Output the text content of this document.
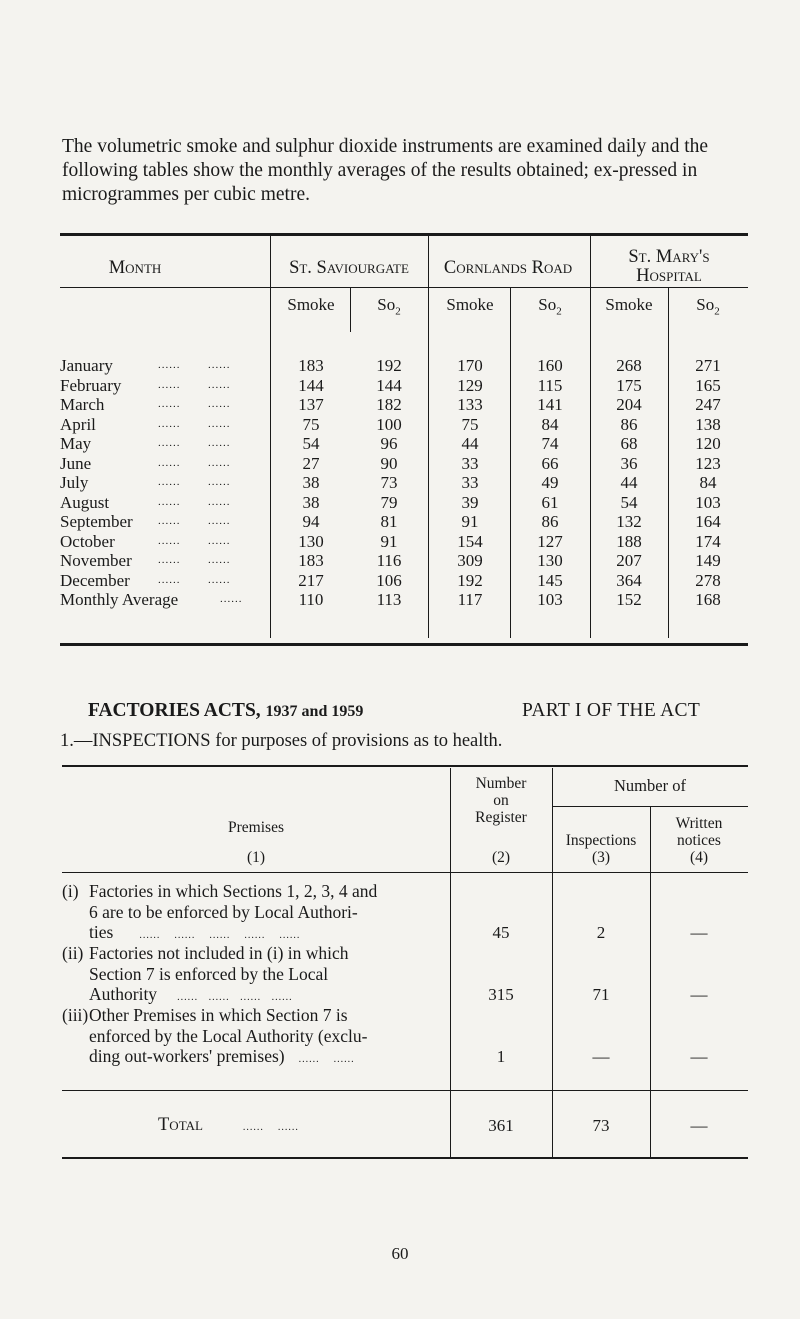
The volumetric smoke and sulphur dioxide instruments are examined daily and the following tables show the monthly averages of the results obtained; ex-pressed in microgrammes per cubic metre.

Month	St. Saviourgate	Cornlands Road
St. Mary's
Hospital
Smoke	$So_2$	Smoke	$So_2$	Smoke	$So_2$
January	......	......	183	192	170	160	268	271
February	......	......	144	144	129	115	175	165
March	......	......	137	182	133	141	204	247
April	......	......	75	100	75	84	86	138
May	......	......	54	96	44	74	68	120
June	......	......	27	90	33	66	36	123
July	......	......	38	73	33	49	44	84
August	......	......	38	79	39	61	54	103
September ......	......	94	81	91	86	132	164
October	......	......	130	91	154	127	188	174
November ......	......	183	116	309	130	207	149
December	......	......	217	106	192	145	364	278
Monthly Average	......	110	113	117	103	152	168
FACTORIES ACTS, 1937 and 1959	PART I OF THE ACT

1.—INSPECTIONS for purposes of provisions as to health.

Premises
(1)
Number
on
Register
(2)
Number of
Inspections
(3)
Written
notices
(4)
(i) Factories in which Sections 1, 2, 3, 4 and
6 are to be enforced by Local Authori-
ties	......    ......    ......    ......    ......	45	2	—
(ii) Factories not included in (i) in which
Section 7 is enforced by the Local
Authority ......   ......   ......   ......	315	71	—
(iii) Other Premises in which Section 7 is
enforced by the Local Authority (exclu-
ding out-workers' premises) ......    ......	1	—	—
Total	......    ......	361	73	—
60
